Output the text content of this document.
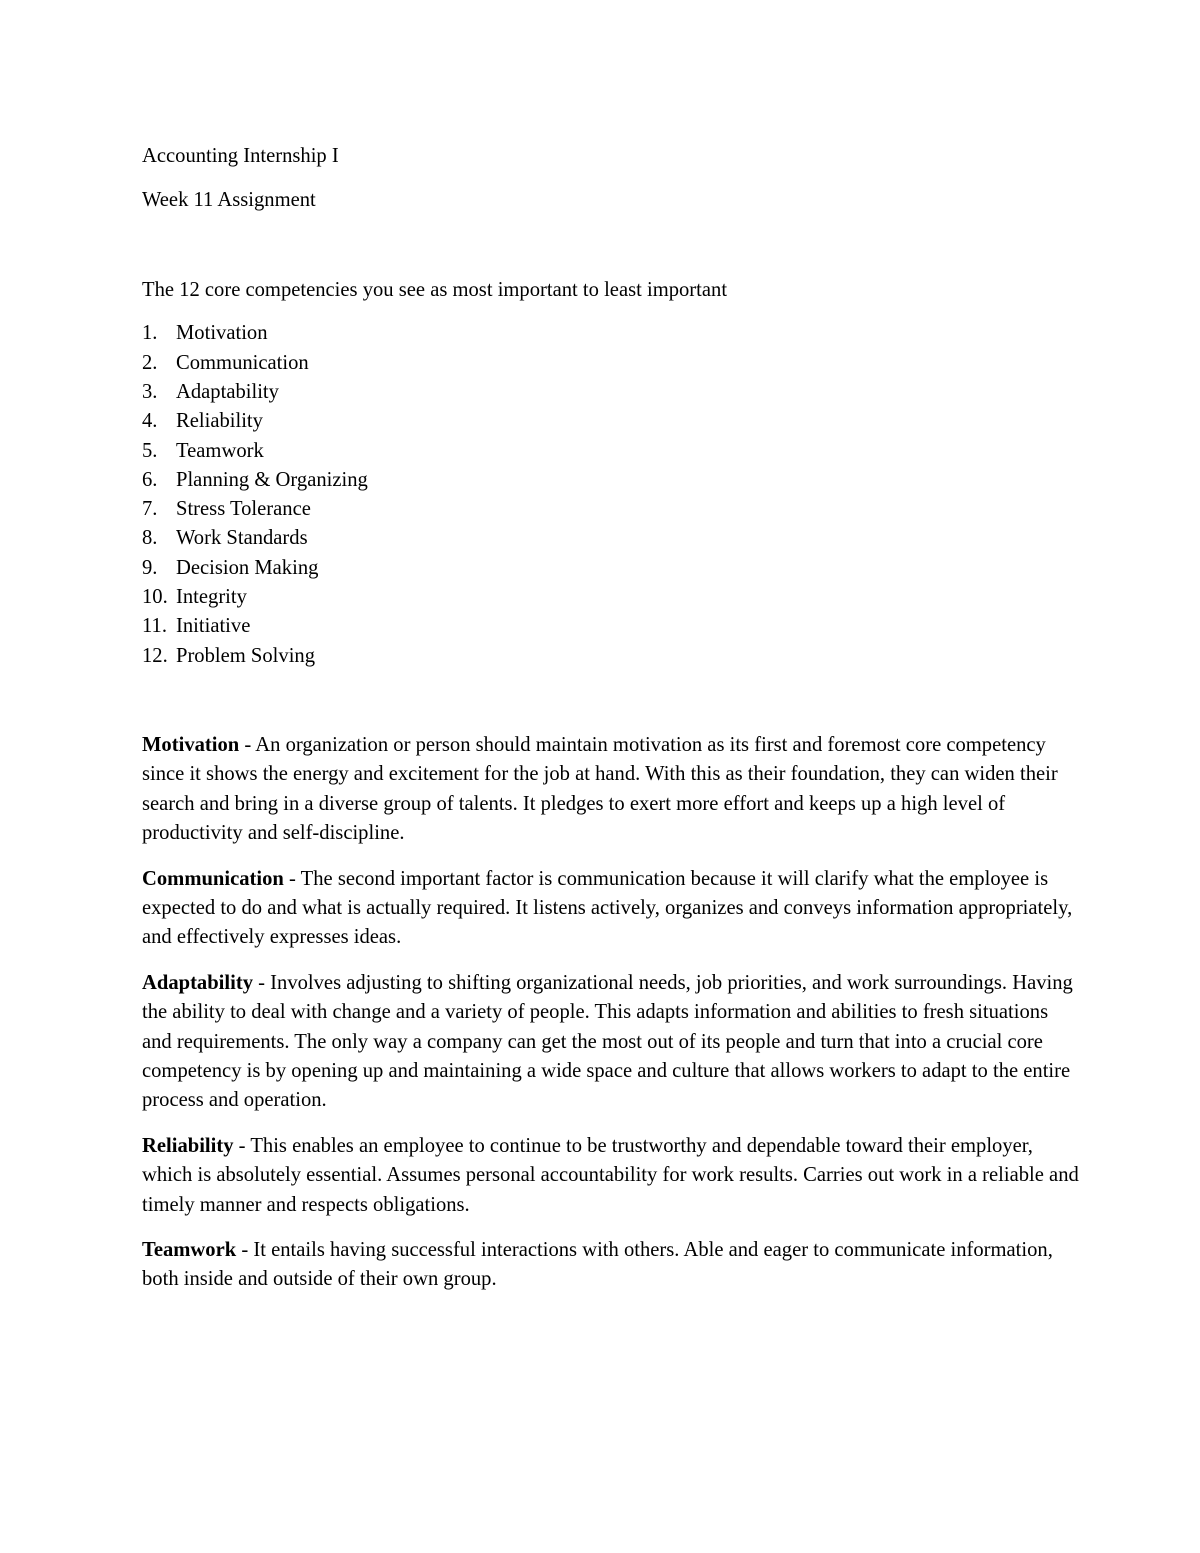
Accounting Internship I

Week 11 Assignment

The 12 core competencies you see as most important to least important

1. Motivation
2. Communication
3. Adaptability
4. Reliability
5. Teamwork
6. Planning & Organizing
7. Stress Tolerance
8. Work Standards
9. Decision Making
10. Integrity
11. Initiative
12. Problem Solving

Motivation - An organization or person should maintain motivation as its first and foremost core competency since it shows the energy and excitement for the job at hand. With this as their foundation, they can widen their search and bring in a diverse group of talents. It pledges to exert more effort and keeps up a high level of productivity and self-discipline.

Communication - The second important factor is communication because it will clarify what the employee is expected to do and what is actually required. It listens actively, organizes and conveys information appropriately, and effectively expresses ideas.

Adaptability - Involves adjusting to shifting organizational needs, job priorities, and work surroundings. Having the ability to deal with change and a variety of people. This adapts information and abilities to fresh situations and requirements. The only way a company can get the most out of its people and turn that into a crucial core competency is by opening up and maintaining a wide space and culture that allows workers to adapt to the entire process and operation.

Reliability - This enables an employee to continue to be trustworthy and dependable toward their employer, which is absolutely essential. Assumes personal accountability for work results. Carries out work in a reliable and timely manner and respects obligations.

Teamwork - It entails having successful interactions with others. Able and eager to communicate information, both inside and outside of their own group.
